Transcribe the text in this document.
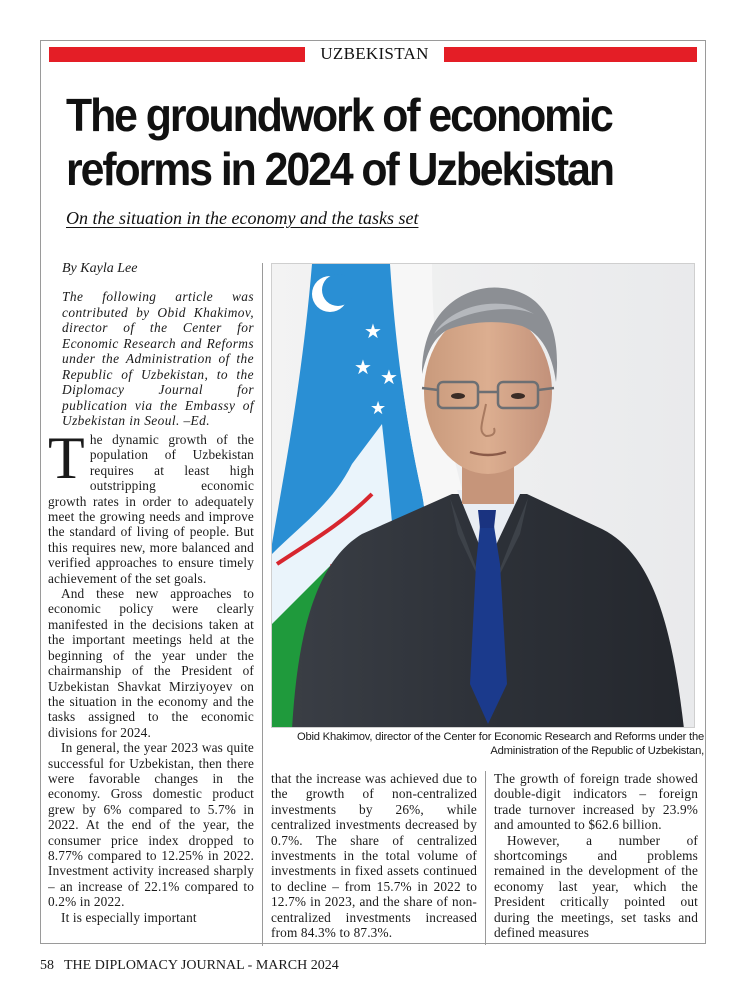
UZBEKISTAN
The groundwork of economic reforms in 2024 of Uzbekistan
On the situation in the economy and the tasks set
By Kayla Lee

The following article was contributed by Obid Khakimov, director of the Center for Economic Research and Reforms under the Administration of the Republic of Uzbekistan, to the Diplomacy Journal for publication via the Embassy of Uzbekistan in Seoul. –Ed.

The dynamic growth of the population of Uzbekistan requires at least high outstripping economic growth rates in order to adequately meet the growing needs and improve the standard of living of people. But this requires new, more balanced and verified approaches to ensure timely achievement of the set goals.

And these new approaches to economic policy were clearly manifested in the decisions taken at the important meetings held at the beginning of the year under the chairmanship of the President of Uzbekistan Shavkat Mirziyoyev on the situation in the economy and the tasks assigned to the economic divisions for 2024.

In general, the year 2023 was quite successful for Uzbekistan, then there were favorable changes in the economy. Gross domestic product grew by 6% compared to 5.7% in 2022. At the end of the year, the consumer price index dropped to 8.77% compared to 12.25% in 2022. Investment activity increased sharply – an increase of 22.1% compared to 0.2% in 2022.

It is especially important

★
★ ★
★
Obid Khakimov, director of the Center for Economic Research and Reforms under the Administration of the Republic of Uzbekistan,

that the increase was achieved due to the growth of non-centralized investments by 26%, while centralized investments decreased by 0.7%. The share of centralized investments in the total volume of investments in fixed assets continued to decline – from 15.7% in 2022 to 12.7% in 2023, and the share of non-centralized investments increased from 84.3% to 87.3%.

The growth of foreign trade showed double-digit indicators – foreign trade turnover increased by 23.9% and amounted to $62.6 billion.

However, a number of shortcomings and problems remained in the development of the economy last year, which the President critically pointed out during the meetings, set tasks and defined measures

58 THE DIPLOMACY JOURNAL - MARCH 2024
